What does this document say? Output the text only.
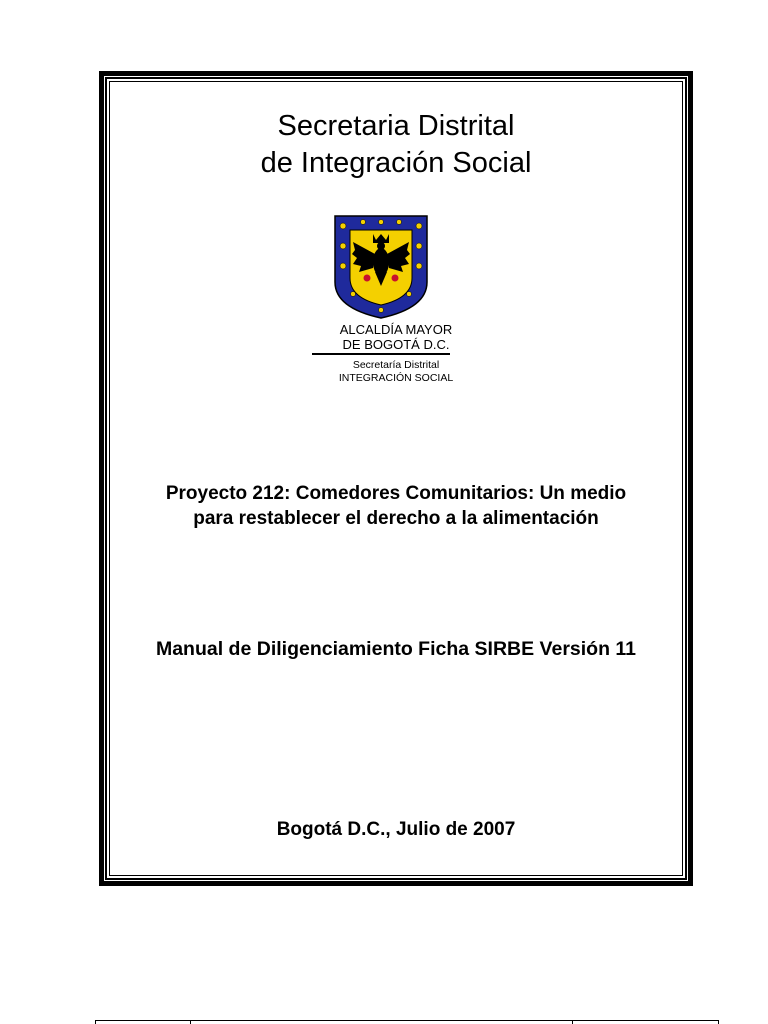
Secretaria Distrital
de Integración Social
ALCALDÍA MAYOR
DE BOGOTÁ D.C.
Secretaría Distrital
INTEGRACIÓN SOCIAL
Proyecto 212: Comedores Comunitarios: Un medio
para restablecer el derecho a la alimentación
Manual de Diligenciamiento Ficha SIRBE Versión 11
Bogotá D.C., Julio de 2007
